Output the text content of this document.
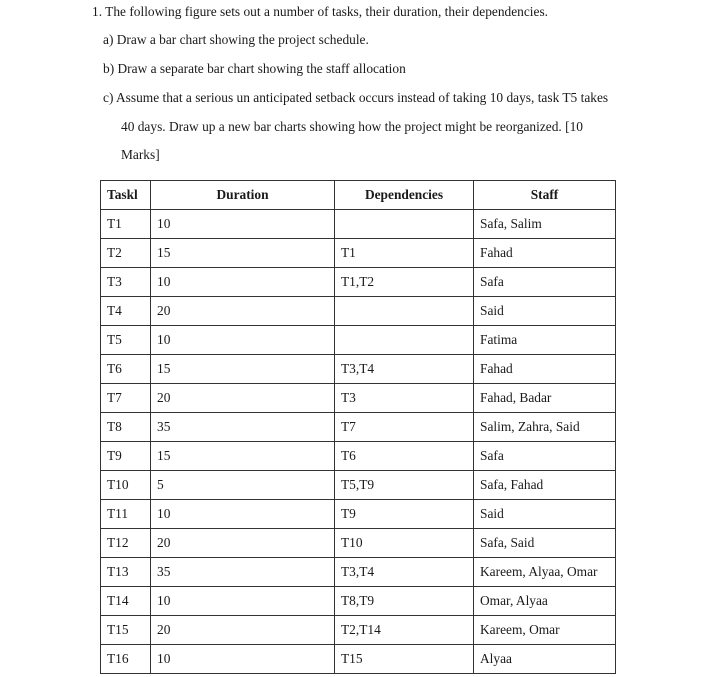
1. The following figure sets out a number of tasks, their duration, their dependencies.
a) Draw a bar chart showing the project schedule.
b) Draw a separate bar chart showing the staff allocation
c) Assume that a serious un anticipated setback occurs instead of taking 10 days, task T5 takes
40 days. Draw up a new bar charts showing how the project might be reorganized. [10
Marks]
Taskl	Duration	Dependencies	Staff
T1	10		Safa, Salim
T2	15	T1	Fahad
T3	10	T1,T2	Safa
T4	20		Said
T5	10		Fatima
T6	15	T3,T4	Fahad
T7	20	T3	Fahad, Badar
T8	35	T7	Salim, Zahra, Said
T9	15	T6	Safa
T10	5	T5,T9	Safa, Fahad
T11	10	T9	Said
T12	20	T10	Safa, Said
T13	35	T3,T4	Kareem, Alyaa, Omar
T14	10	T8,T9	Omar, Alyaa
T15	20	T2,T14	Kareem, Omar
T16	10	T15	Alyaa
